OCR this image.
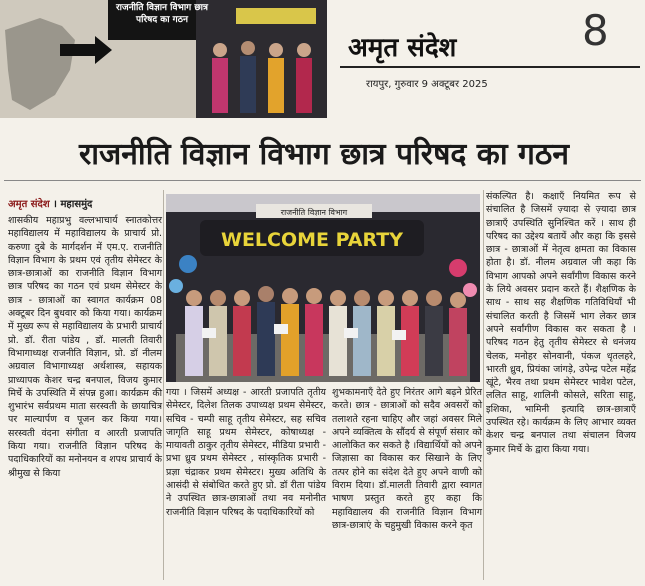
राजनीति विज्ञान विभाग छात्र परिषद का गठन
अमृत संदेश	8
रायपुर, गुरुवार 9 अक्टूबर 2025
राजनीति विज्ञान विभाग छात्र परिषद का गठन
अमृत संदेश । महासमुंद
शासकीय महाप्रभु वल्लभाचार्य स्नातकोत्तर महाविद्यालय में महाविद्यालय के प्राचार्य प्रो. करुणा दुबे के मार्गदर्शन में एम.ए. राजनीति विज्ञान विभाग के प्रथम एवं तृतीय सेमेस्टर के छात्र-छात्राओं का राजनीति विज्ञान विभाग छात्र परिषद का गठन एवं प्रथम सेमेस्टर के छात्र - छात्राओं का स्वागत कार्यक्रम 08 अक्टूबर दिन बुधवार को किया गया। कार्यक्रम में मुख्य रूप से महाविद्यालय के प्रभारी प्राचार्य प्रो. डॉ. रीता पांडेय , डॉ. मालती तिवारी विभागाध्यक्ष राजनीति विज्ञान, प्रो. डॉ नीलम अग्रवाल विभागाध्यक्ष अर्थशास्त्र, सहायक प्राध्यापक केशर चन्द्र बनपाल, विजय कुमार मिर्चे के उपस्थिति में संपन्न हुआ। कार्यक्रम की शुभारंभ सर्वप्रथम माता सरस्वती के छायाचित्र पर माल्यार्पण व पूजन कर किया गया। सरस्वती वंदना संगीता व आरती प्रजापति किया गया। राजनीति विज्ञान परिषद के पदाधिकारियों का मनोनयन व शपथ प्राचार्य के श्रीमुख से किया
WELCOME PARTY
राजनीति विज्ञान विभाग
गया । जिसमें अध्यक्ष - आरती प्रजापति तृतीय सेमेस्टर, दिलेश तिलक उपाध्यक्ष प्रथम सेमेस्टर, सचिव - चम्पी साहू तृतीय सेमेस्टर, सह सचिव जागृति साहू प्रथम सेमेस्टर, कोषाध्यक्ष - मायावती ठाकुर तृतीय सेमेस्टर, मीडिया प्रभारी - प्रभा ध्रुव प्रथम सेमेस्टर , सांस्कृतिक प्रभारी - प्रज्ञा चंद्राकर प्रथम सेमेस्टर। मुख्य अतिथि के आसंदी से संबोधित करते हुए प्रो. डॉ रीता पांडेय ने उपस्थित छात्र-छात्राओं तथा नव मनोनीत राजनीति विज्ञान परिषद के पदाधिकारियों को
शुभकामनाएँ देते हुए निरंतर आगे बढ़ने प्रेरित करते। छात्र - छात्राओं को सदैव अवसरों को तलाशते रहना चाहिए और जहां अवसर मिले अपने व्यक्तित्व के सौंदर्य से संपूर्ण संसार को आलोकित कर सकते है ।विद्यार्थियों को अपने जिज्ञासा का विकास कर सिखाने के लिए तत्पर होने का संदेश देते हुए अपने वाणी को विराम दिया। डॉ.मालती तिवारी द्वारा स्वागत भाषण प्रस्तुत करते हुए कहा कि महाविद्यालय की राजनीति विज्ञान विभाग छात्र-छात्राएं के चहुमुखी विकास करने कृत
संकल्पित है। कक्षाएँ नियमित रूप से संचालित है जिसमें ज़्यादा से ज़्यादा छात्र छात्राएँ उपस्थिति सुनिश्चित करें । साथ ही परिषद का उद्देश्य बतायें और कहा कि इससे छात्र - छात्राओं में नेतृत्व क्षमता का विकास होता है। डॉ. नीलम अग्रवाल जी कहा कि विभाग आपको अपने सर्वांगीण विकास करने के लिये अवसर प्रदान करते हैं। शैक्षणिक के साथ - साथ सह शैक्षणिक गतिविधियाँ भी संचालित करती है जिसमें भाग लेकर छात्र अपने सर्वांगीण विकास कर सकता है । परिषद गठन हेतु तृतीय सेमेस्टर से धनंजय चेलक, मनोहर सोनवानी, पंकज धृतलहरे, भारती ध्रुव, प्रियंका जांगड़े, उपेन्द्र पटेल महेंद्र खूंटे, भैरव तथा प्रथम सेमेस्टर भावेश पटेल, ललित साहू, शालिनी कोसले, सरिता साहू, इशिका, भामिनी इत्यादि छात्र-छात्राएँ उपस्थित रहे। कार्यक्रम के लिए आभार व्यक्त केशर चन्द्र बनपाल तथा संचालन विजय कुमार मिर्चे के द्वारा किया गया।
